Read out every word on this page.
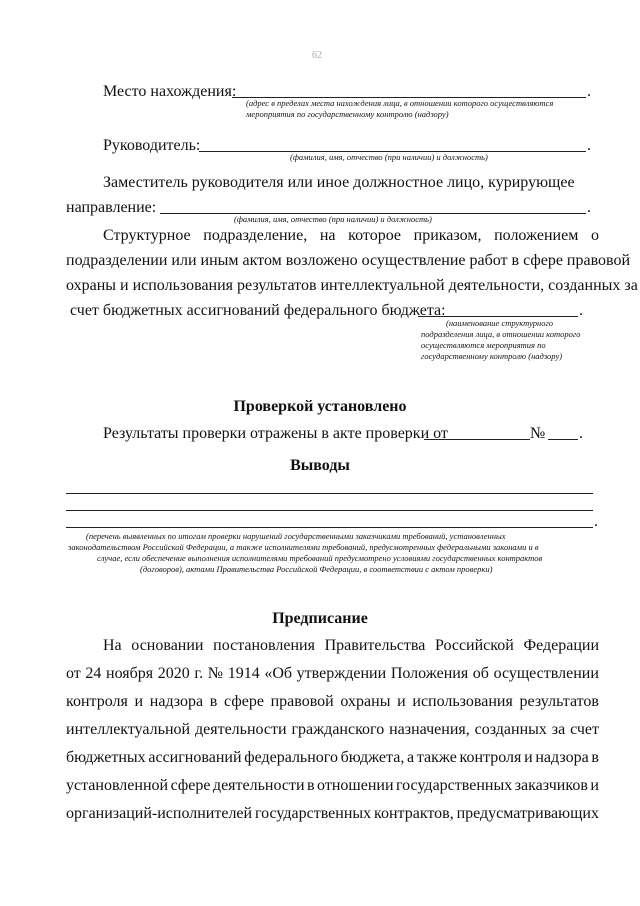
62
Место нахождения:	.
(адрес в пределах места нахождения лица, в отношении которого осуществляются
мероприятия по государственному контролю (надзору)
Руководитель:	.
(фамилия, имя, отчество (при наличии) и должность)
Заместитель руководителя или иное должностное лицо, курирующее
направление:	.
(фамилия, имя, отчество (при наличии) и должность)
Структурное подразделение, на которое приказом, положением о
подразделении или иным актом возложено осуществление работ в сфере правовой
охраны и использования результатов интеллектуальной деятельности, созданных за
счет бюджетных ассигнований федерального бюджета:	.
(наименование структурного
подразделения лица, в отношении которого
осуществляются мероприятия по
государственному контролю (надзору)
Проверкой установлено
Результаты проверки отражены в акте проверки от	№ .
Выводы
.
(перечень выявленных по итогам проверки нарушений государственными заказчиками требований, установленных
законодательством Российской Федерации, а также исполнителями требований, предусмотренных федеральными законами и в
случае, если обеспечение выполнения исполнителями требований предусмотрено условиями государственных контрактов
(договоров), актами Правительства Российской Федерации, в соответствии с актом проверки)
Предписание
На основании постановления Правительства Российской Федерации
от 24 ноября 2020 г. № 1914 «Об утверждении Положения об осуществлении
контроля и надзора в сфере правовой охраны и использования результатов
интеллектуальной деятельности гражданского назначения, созданных за счет
бюджетных ассигнований федерального бюджета, а также контроля и надзора в
установленной сфере деятельности в отношении государственных заказчиков и
организаций-исполнителей государственных контрактов, предусматривающих
